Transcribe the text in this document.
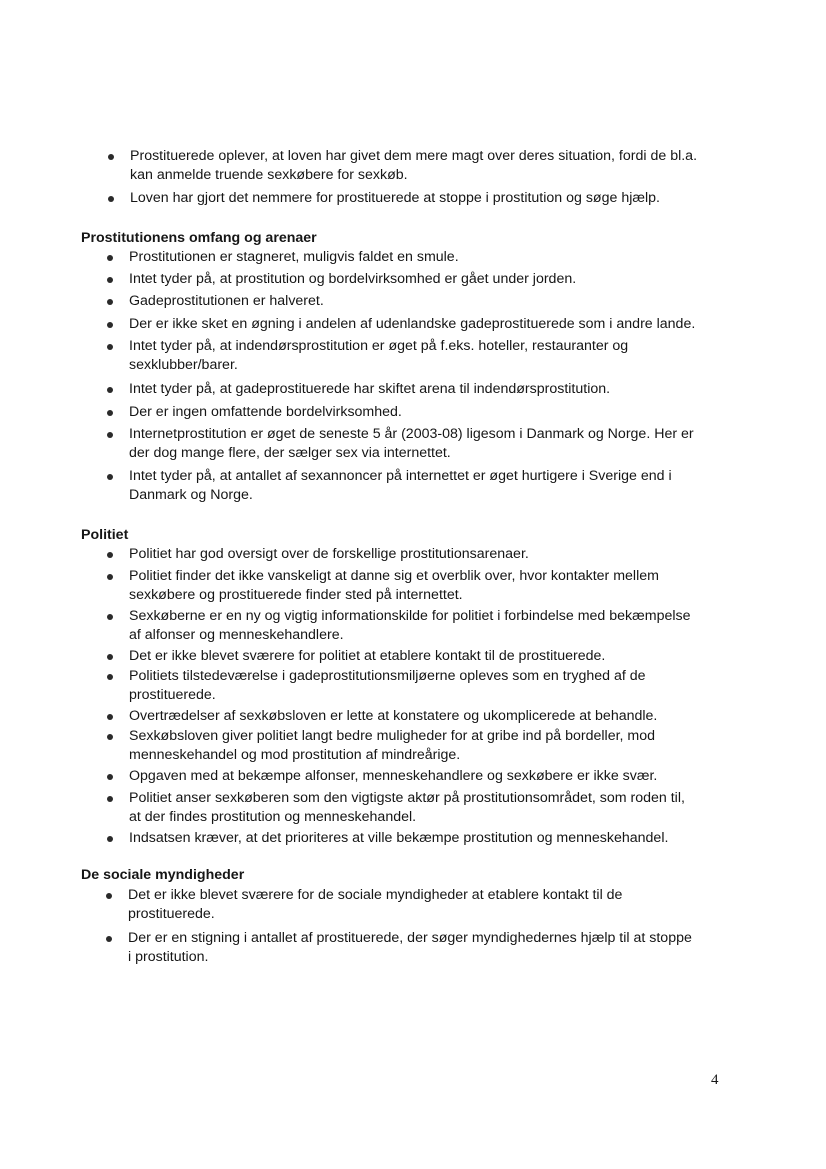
Prostituerede oplever, at loven har givet dem mere magt over deres situation, fordi de bl.a.
kan anmelde truende sexkøbere for sexkøb.
Loven har gjort det nemmere for prostituerede at stoppe i prostitution og søge hjælp.
Prostitutionens omfang og arenaer
Prostitutionen er stagneret, muligvis faldet en smule.
Intet tyder på, at prostitution og bordelvirksomhed er gået under jorden.
Gadeprostitutionen er halveret.
Der er ikke sket en øgning i andelen af udenlandske gadeprostituerede som i andre lande.
Intet tyder på, at indendørsprostitution er øget på f.eks. hoteller, restauranter og
sexklubber/barer.
Intet tyder på, at gadeprostituerede har skiftet arena til indendørsprostitution.
Der er ingen omfattende bordelvirksomhed.
Internetprostitution er øget de seneste 5 år (2003-08) ligesom i Danmark og Norge. Her er
der dog mange flere, der sælger sex via internettet.
Intet tyder på, at antallet af sexannoncer på internettet er øget hurtigere i Sverige end i
Danmark og Norge.
Politiet
Politiet har god oversigt over de forskellige prostitutionsarenaer.
Politiet finder det ikke vanskeligt at danne sig et overblik over, hvor kontakter mellem
sexkøbere og prostituerede finder sted på internettet.
Sexkøberne er en ny og vigtig informationskilde for politiet i forbindelse med bekæmpelse
af alfonser og menneskehandlere.
Det er ikke blevet sværere for politiet at etablere kontakt til de prostituerede.
Politiets tilstedeværelse i gadeprostitutionsmiljøerne opleves som en tryghed af de
prostituerede.
Overtrædelser af sexkøbsloven er lette at konstatere og ukomplicerede at behandle.
Sexkøbsloven giver politiet langt bedre muligheder for at gribe ind på bordeller, mod
menneskehandel og mod prostitution af mindreårige.
Opgaven med at bekæmpe alfonser, menneskehandlere og sexkøbere er ikke svær.
Politiet anser sexkøberen som den vigtigste aktør på prostitutionsområdet, som roden til,
at der findes prostitution og menneskehandel.
Indsatsen kræver, at det prioriteres at ville bekæmpe prostitution og menneskehandel.
De sociale myndigheder
Det er ikke blevet sværere for de sociale myndigheder at etablere kontakt til de
prostituerede.
Der er en stigning i antallet af prostituerede, der søger myndighedernes hjælp til at stoppe
i prostitution.
4
